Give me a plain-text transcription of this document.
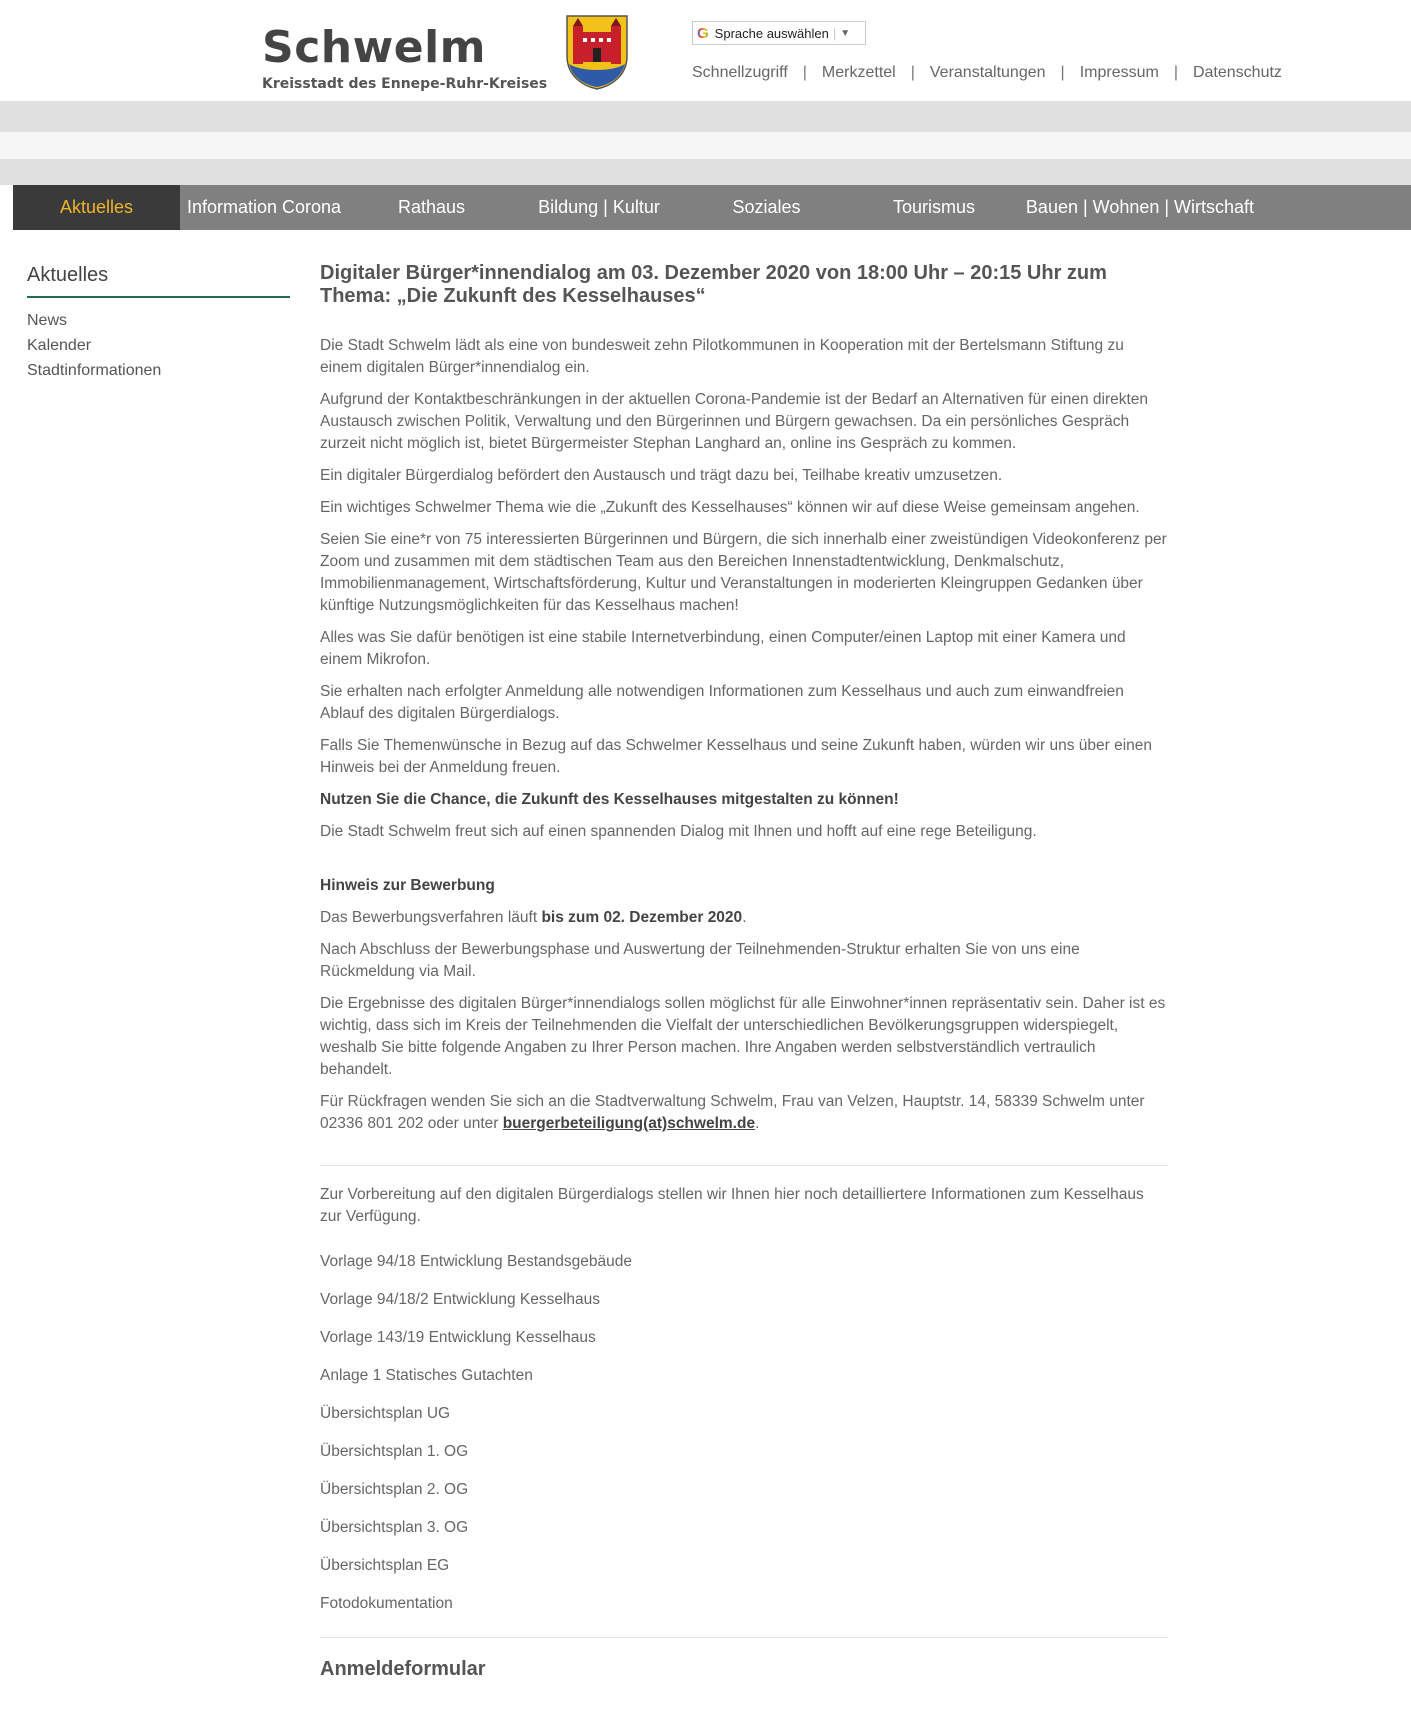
Schwelm
Kreisstadt des Ennepe-Ruhr-Kreises
G Sprache auswählen | ▼
Schnellzugriff | Merkzettel | Veranstaltungen | Impressum | Datenschutz
Aktuelles	Information Corona	Rathaus	Bildung | Kultur	Soziales	Tourismus	Bauen | Wohnen | Wirtschaft
Aktuelles
News
Kalender
Stadtinformationen
Digitaler Bürger*innendialog am 03. Dezember 2020 von 18:00 Uhr – 20:15 Uhr zum Thema: „Die Zukunft des Kesselhauses“

Die Stadt Schwelm lädt als eine von bundesweit zehn Pilotkommunen in Kooperation mit der Bertelsmann Stiftung zu einem digitalen Bürger*innendialog ein.

Aufgrund der Kontaktbeschränkungen in der aktuellen Corona-Pandemie ist der Bedarf an Alternativen für einen direkten Austausch zwischen Politik, Verwaltung und den Bürgerinnen und Bürgern gewachsen. Da ein persönliches Gespräch zurzeit nicht möglich ist, bietet Bürgermeister Stephan Langhard an, online ins Gespräch zu kommen.

Ein digitaler Bürgerdialog befördert den Austausch und trägt dazu bei, Teilhabe kreativ umzusetzen.

Ein wichtiges Schwelmer Thema wie die „Zukunft des Kesselhauses“ können wir auf diese Weise gemeinsam angehen.

Seien Sie eine*r von 75 interessierten Bürgerinnen und Bürgern, die sich innerhalb einer zweistündigen Videokonferenz per Zoom und zusammen mit dem städtischen Team aus den Bereichen Innenstadtentwicklung, Denkmalschutz, Immobilienmanagement, Wirtschaftsförderung, Kultur und Veranstaltungen in moderierten Kleingruppen Gedanken über künftige Nutzungsmöglichkeiten für das Kesselhaus machen!

Alles was Sie dafür benötigen ist eine stabile Internetverbindung, einen Computer/einen Laptop mit einer Kamera und einem Mikrofon.

Sie erhalten nach erfolgter Anmeldung alle notwendigen Informationen zum Kesselhaus und auch zum einwandfreien Ablauf des digitalen Bürgerdialogs.

Falls Sie Themenwünsche in Bezug auf das Schwelmer Kesselhaus und seine Zukunft haben, würden wir uns über einen Hinweis bei der Anmeldung freuen.

Nutzen Sie die Chance, die Zukunft des Kesselhauses mitgestalten zu können!

Die Stadt Schwelm freut sich auf einen spannenden Dialog mit Ihnen und hofft auf eine rege Beteiligung.

Hinweis zur Bewerbung

Das Bewerbungsverfahren läuft bis zum 02. Dezember 2020.

Nach Abschluss der Bewerbungsphase und Auswertung der Teilnehmenden-Struktur erhalten Sie von uns eine Rückmeldung via Mail.

Die Ergebnisse des digitalen Bürger*innendialogs sollen möglichst für alle Einwohner*innen repräsentativ sein. Daher ist es wichtig, dass sich im Kreis der Teilnehmenden die Vielfalt der unterschiedlichen Bevölkerungsgruppen widerspiegelt, weshalb Sie bitte folgende Angaben zu Ihrer Person machen. Ihre Angaben werden selbstverständlich vertraulich behandelt.

Für Rückfragen wenden Sie sich an die Stadtverwaltung Schwelm, Frau van Velzen, Hauptstr. 14, 58339 Schwelm unter 02336 801 202 oder unter buergerbeteiligung(at)schwelm.de.

Zur Vorbereitung auf den digitalen Bürgerdialogs stellen wir Ihnen hier noch detailliertere Informationen zum Kesselhaus zur Verfügung.

Vorlage 94/18 Entwicklung Bestandsgebäude

Vorlage 94/18/2 Entwicklung Kesselhaus

Vorlage 143/19 Entwicklung Kesselhaus

Anlage 1 Statisches Gutachten

Übersichtsplan UG

Übersichtsplan 1. OG

Übersichtsplan 2. OG

Übersichtsplan 3. OG

Übersichtsplan EG

Fotodokumentation

Anmeldeformular
